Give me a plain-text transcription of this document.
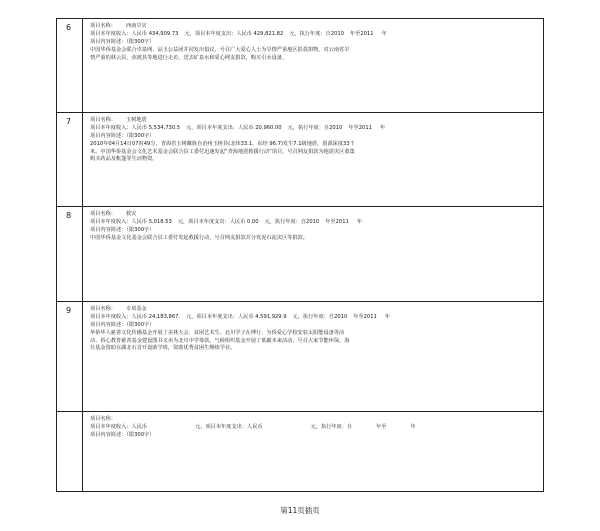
6	项目名称： 西南旱灾
项目本年度收入：人民币 434,909.73 元，项目本年度支出：人民币 429,821.82 元，执行年度：自2010 年至2011 年
项目内容简述：（限300字）
中国华侨基金会联合卓泉网、品玉公益团并同发出倡议，号召广大爱心人士为旱情严重地区捐款捐物，对云南省旱
情严重的林云县、弥渡县等地进行走访，送去矿泉水和爱心网友捐款，购买引水设备。
7	项目名称： 玉树地震
项目本年度收入：人民币 5,534,730.5 元，项目本年度支出：人民币 20,960.00 元，执行年度：自2010 年至2011 年
项目内容简述：（限300字）
2010年04月14日07时49分，青海省玉树藏族自治州玉树县(北纬33.1，东经 96.7)发生7.1级地震，震源深度33千
米。中国华侨基金会文化艺术基金会联合县工委付迅速发起“青海地震救援行动”项目，号召网友捐款为地震灾区募集
购买药品及帐篷等生活物资。
8	项目名称： 救灾
项目本年度收入：人民币 5,018.53 元，项目本年度支出：人民币 0.00 元，执行年度：自2010 年至2011 年
项目内容简述：（限300字）
中国华侨基金文化基金会联合县工委付发起救援行动，号召网友捐款并分发泥石流灾区等捐款。
9	项目名称： 专项基金
项目本年度收入：人民币 24,183,867. 元，项目本年度支出：人民币 4,591,929.9 元，执行年度：自2010 年至2011 年
项目内容简述：（限300字）
华侨华人慈善文化传播基金开展了美林大会、贫困艺术生、北川学子在博行、为侨爱心学校安装太阳能设备等活
动，侨心教育慈善基金建设图书义卖为北川中学筹款，气候组织基金开展了低碳未来活动，号召大家节能环保，海
仕基金资助在湖北石首开设助学班，资助优秀贫困生继续学业。
项目名称：
项目本年度收入：人民币	元，项目本年度支出：人民币	元，执行年度：自	年至	年
项目内容简述：（限300字）
第11页插页
